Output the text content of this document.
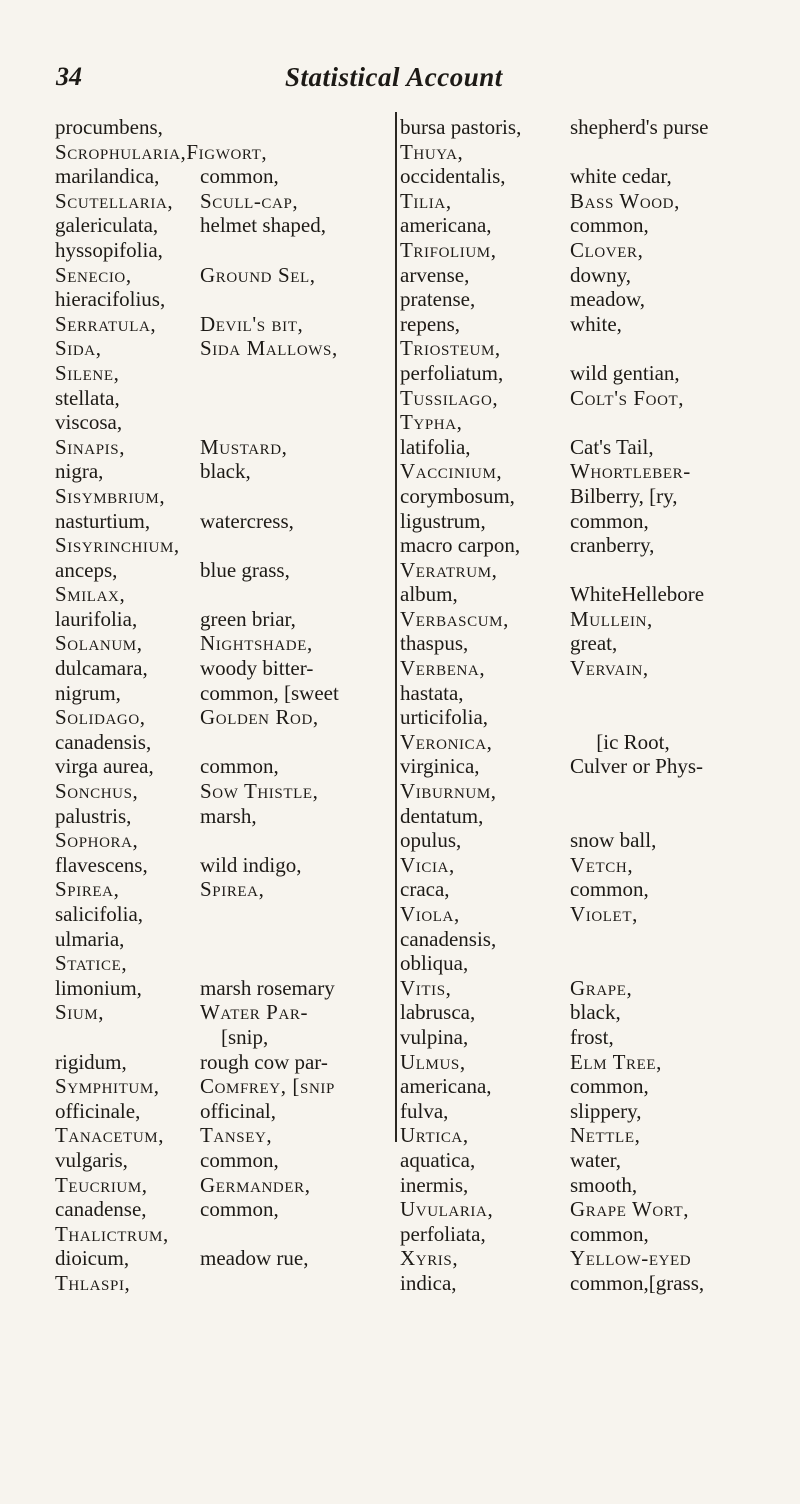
34	Statistical Account
procumbens,
Scrophularia,Figwort,
marilandica, common,
Scutellaria, Scull-cap,
galericulata, helmet shaped,
hyssopifolia,
Senecio,	Ground Sel,
hieracifolius,
Serratula, Devil's bit,
Sida,	Sida Mallows,
Silene,
stellata,
viscosa,
Sinapis,	Mustard,
nigra,	black,
Sisymbrium,
nasturtium, watercress,
Sisyrinchium,
anceps,	blue grass,
Smilax,
laurifolia,	green briar,
Solanum,	Nightshade,
dulcamara, woody bitter-
nigrum,	common, [sweet
Solidago,	Golden Rod,
canadensis,
virga aurea, common,
Sonchus,	Sow Thistle,
palustris,	marsh,
Sophora,
flavescens, wild indigo,
Spirea,	Spirea,
salicifolia,
ulmaria,
Statice,
limonium,	marsh rosemary
Sium,	Water Par-
[snip,
rigidum,	rough cow par-
Symphitum, Comfrey, [snip
officinale,	officinal,
Tanacetum, Tansey,
vulgaris,	common,
Teucrium, Germander,
canadense,	common,
Thalictrum,
dioicum,	meadow rue,
Thlaspi,
bursa pastoris, shepherd's purse
Thuya,
occidentalis,	white cedar,
Tilia,	Bass Wood,
americana,	common,
Trifolium,	Clover,
arvense,	downy,
pratense,	meadow,
repens,	white,
Triosteum,
perfoliatum,	wild gentian,
Tussilago,	Colt's Foot,
Typha,
latifolia,	Cat's Tail,
Vaccinium,	Whortleber-
corymbosum,	Bilberry, [ry,
ligustrum,	common,
macro carpon, cranberry,
Veratrum,
album,	WhiteHellebore
Verbascum,	Mullein,
thaspus,	great,
Verbena,	Vervain,
hastata,
urticifolia,
Veronica,	[ic Root,
virginica,	Culver or Phys-
Viburnum,
dentatum,
opulus,	snow ball,
Vicia,	Vetch,
craca,	common,
Viola,	Violet,
canadensis,
obliqua,
Vitis,	Grape,
labrusca,	black,
vulpina,	frost,
Ulmus,	Elm Tree,
americana,	common,
fulva,	slippery,
Urtica,	Nettle,
aquatica,	water,
inermis,	smooth,
Uvularia,	Grape Wort,
perfoliata,	common,
Xyris,	Yellow-eyed
indica,	common,[grass,
